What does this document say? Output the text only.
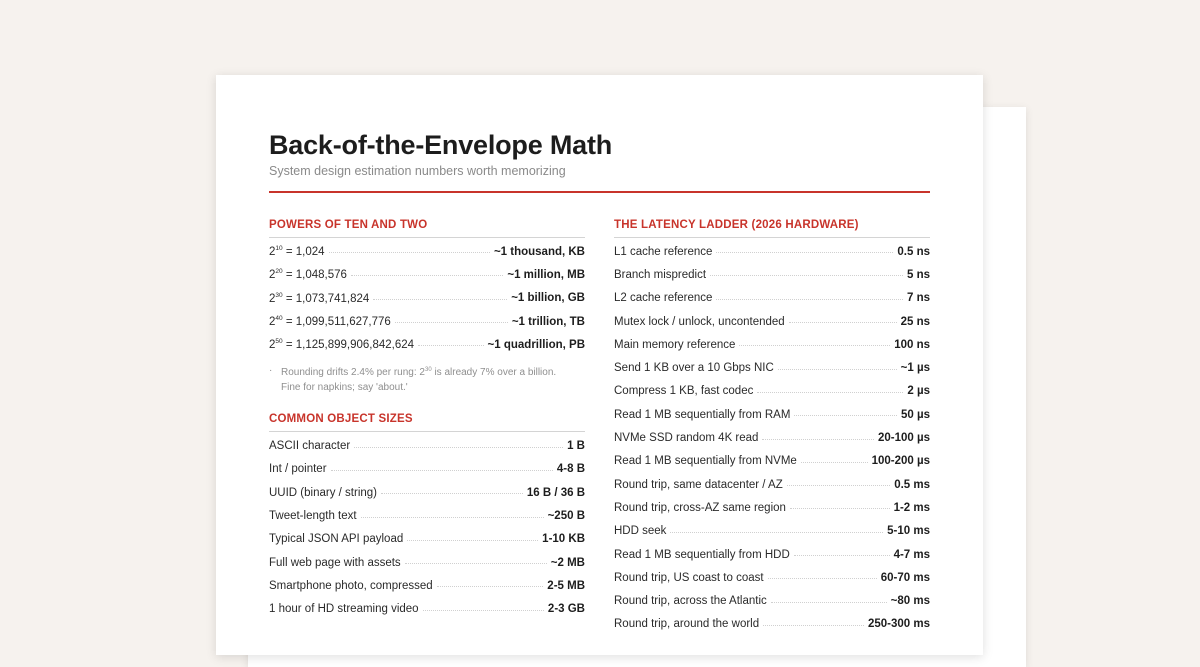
Back-of-the-Envelope Math
System design estimation numbers worth memorizing
POWERS OF TEN AND TWO
$2^{10} = 1,024$	~1 thousand, KB
$2^{20} = 1,048,576$	~1 million, MB
$2^{30} = 1,073,741,824$	~1 billion, GB
$2^{40} = 1,099,511,627,776$	~1 trillion, TB
$2^{50} = 1,125,899,906,842,624$	~1 quadrillion, PB
· Rounding drifts 2.4% per rung: $2^{30}$ is already 7% over a billion.
Fine for napkins; say 'about.'
COMMON OBJECT SIZES
ASCII character	1 B
Int / pointer	4-8 B
UUID (binary / string)	16 B / 36 B
Tweet-length text	~250 B
Typical JSON API payload	1-10 KB
Full web page with assets	~2 MB
Smartphone photo, compressed	2-5 MB
1 hour of HD streaming video	2-3 GB
THE LATENCY LADDER (2026 HARDWARE)
L1 cache reference	0.5 ns
Branch mispredict	5 ns
L2 cache reference	7 ns
Mutex lock / unlock, uncontended	25 ns
Main memory reference	100 ns
Send 1 KB over a 10 Gbps NIC	~1 µs
Compress 1 KB, fast codec	2 µs
Read 1 MB sequentially from RAM	50 µs
NVMe SSD random 4K read	20-100 µs
Read 1 MB sequentially from NVMe	100-200 µs
Round trip, same datacenter / AZ	0.5 ms
Round trip, cross-AZ same region	1-2 ms
HDD seek	5-10 ms
Read 1 MB sequentially from HDD	4-7 ms
Round trip, US coast to coast	60-70 ms
Round trip, across the Atlantic	~80 ms
Round trip, around the world	250-300 ms
